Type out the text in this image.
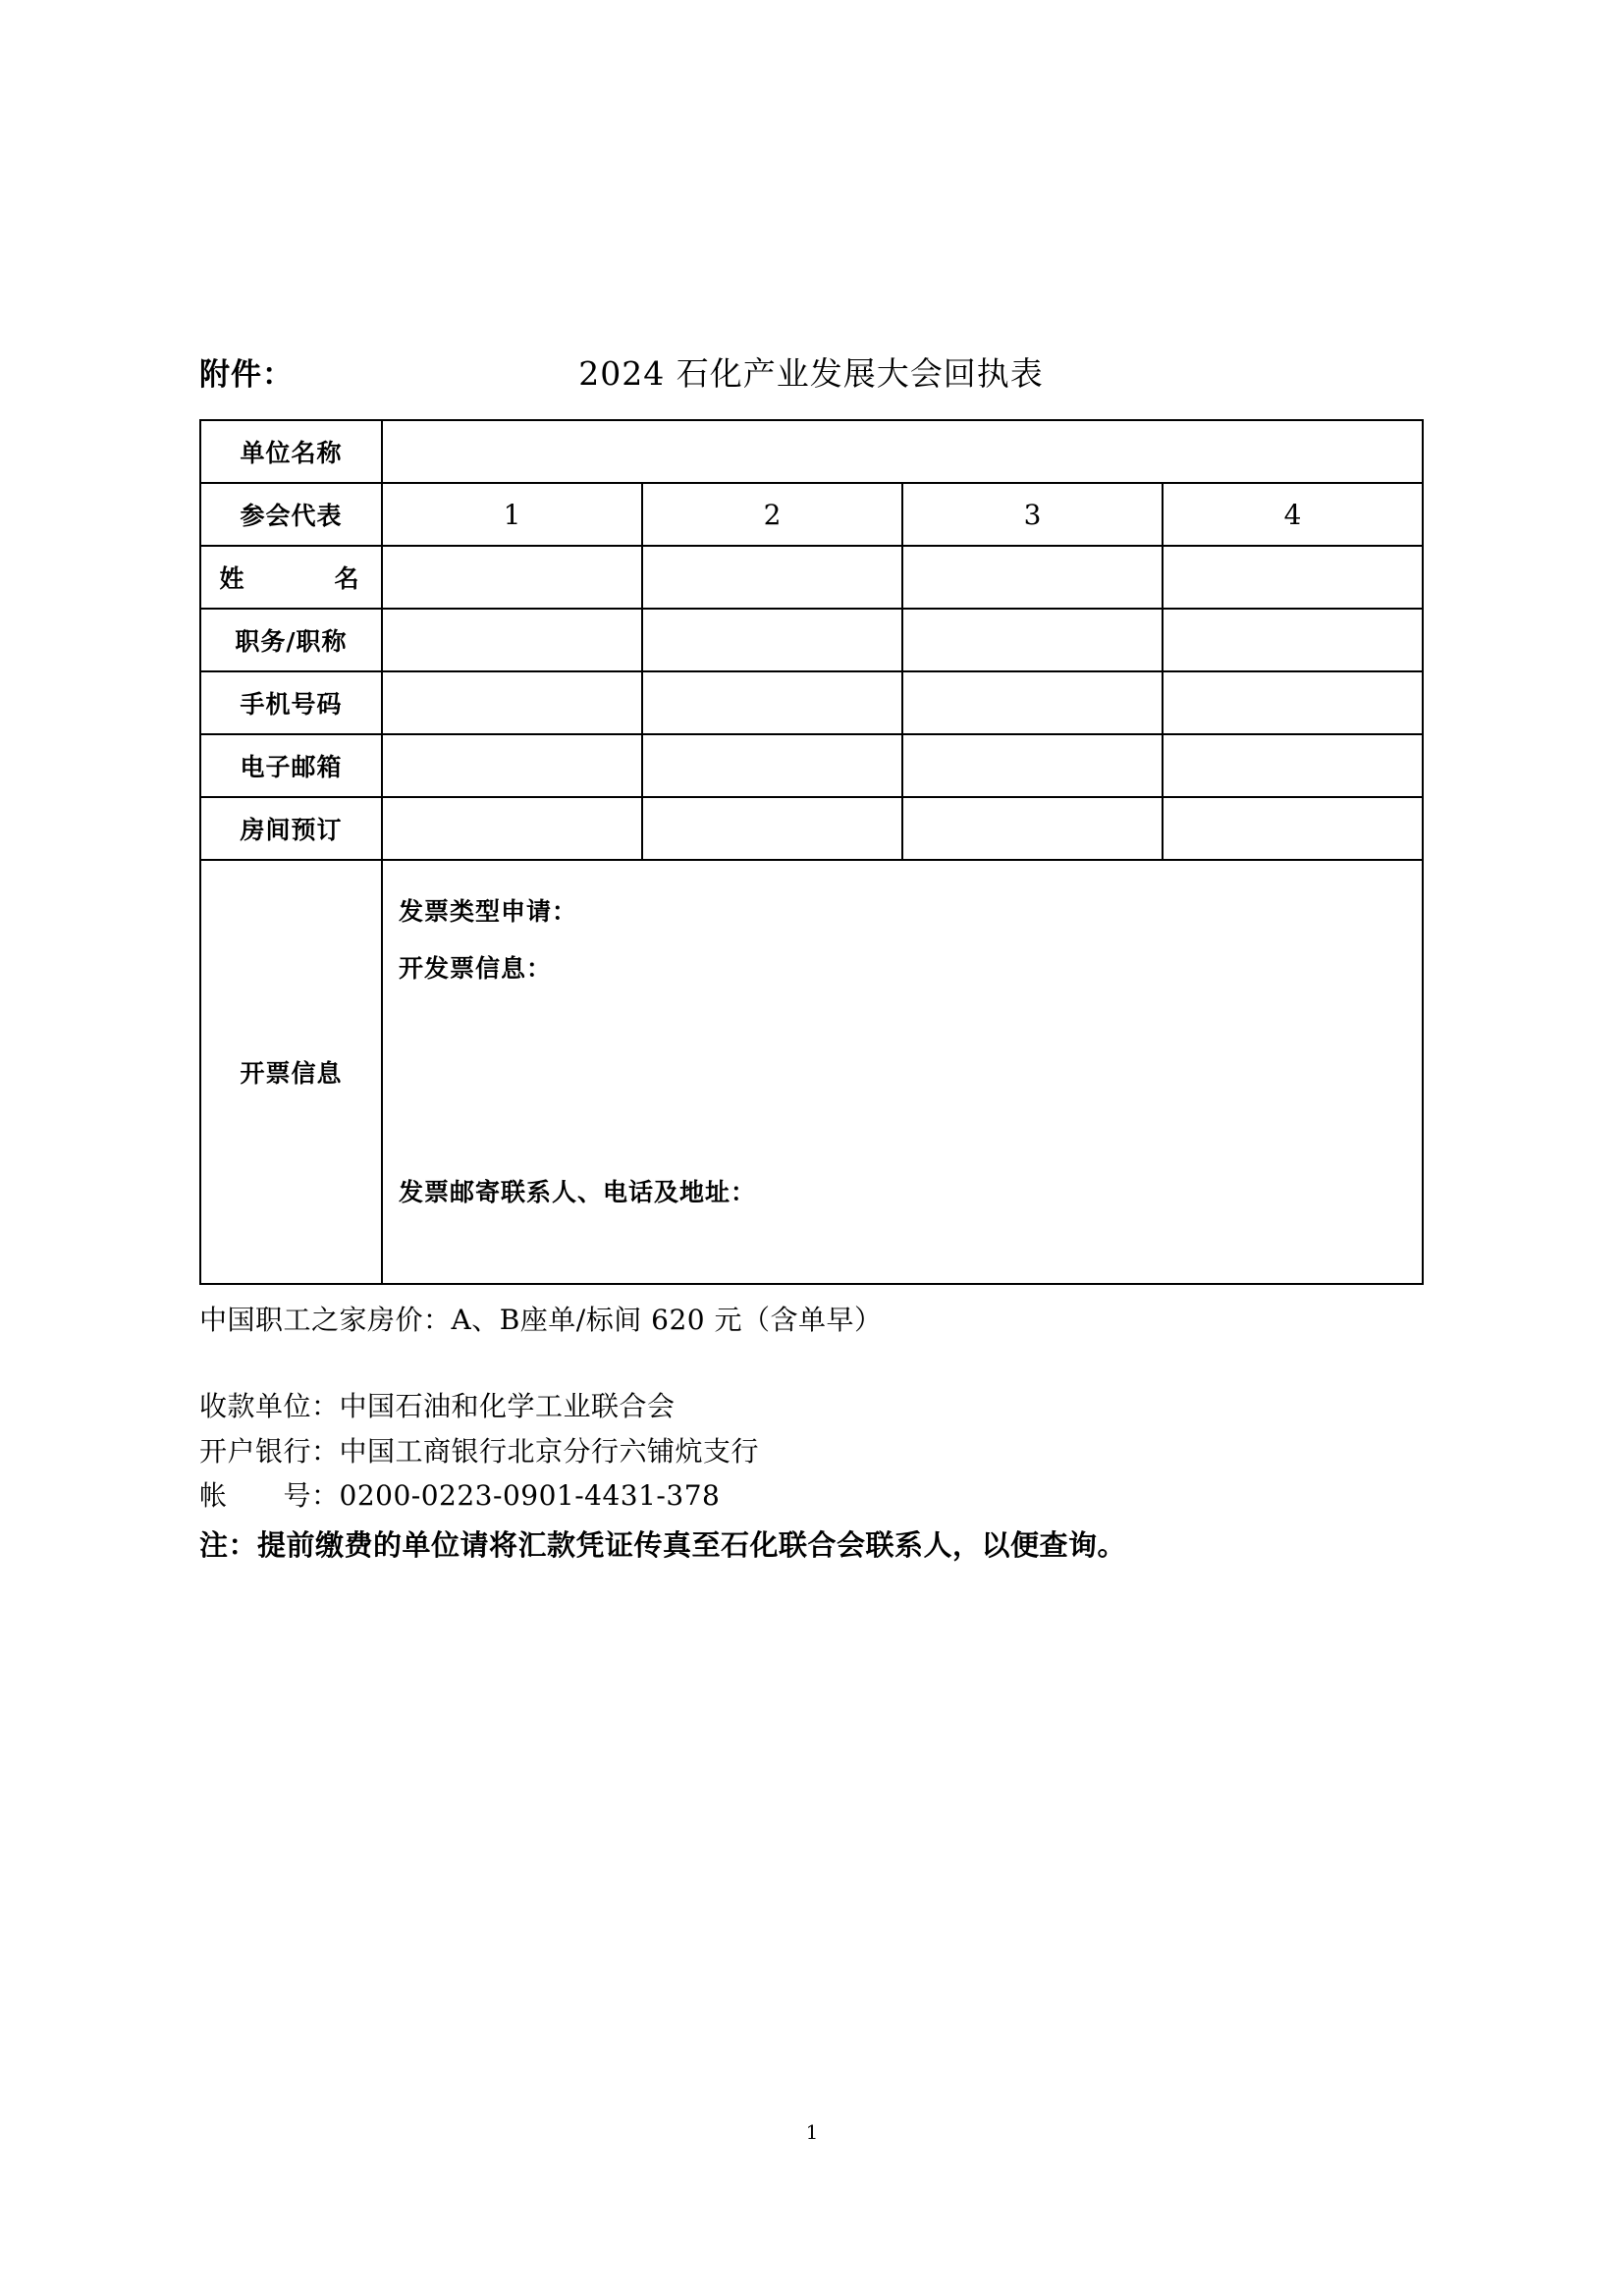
附件：	2024 石化产业发展大会回执表
单位名称				
参会代表	1	2	3	4
姓　　名				
职务/职称				
手机号码				
电子邮箱				
房间预订				
开票信息	发票类型申请：
开发票信息：
发票邮寄联系人、电话及地址：			
中国职工之家房价：A、B座单/标间 620 元（含单早）
收款单位：中国石油和化学工业联合会
开户银行：中国工商银行北京分行六铺炕支行
帐　　号：0200-0223-0901-4431-378
注：提前缴费的单位请将汇款凭证传真至石化联合会联系人，以便查询。
1
